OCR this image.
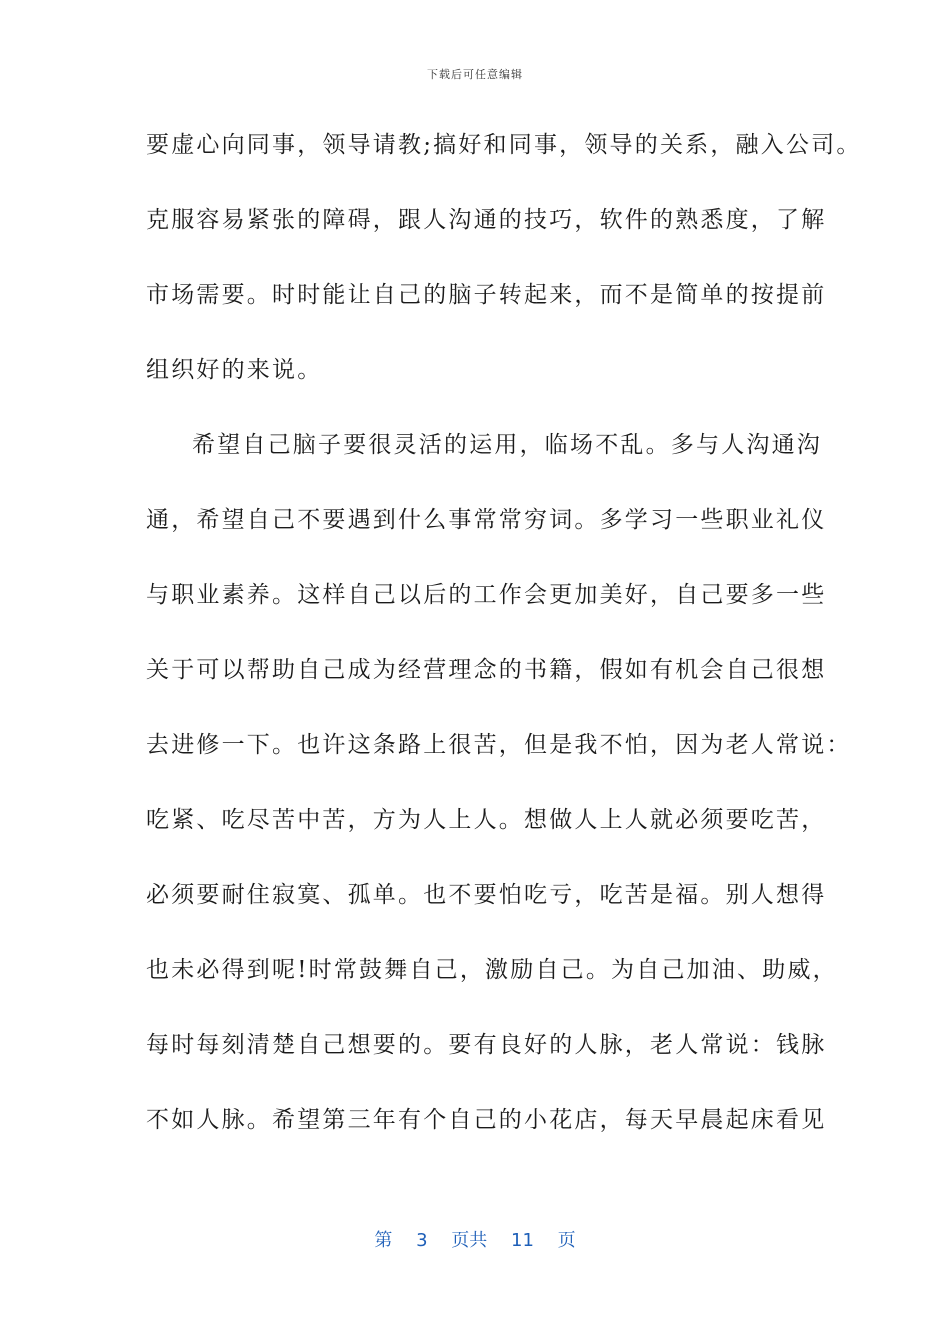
下载后可任意编辑
要虚心向同事，领导请教;搞好和同事，领导的关系，融入公司。
克服容易紧张的障碍，跟人沟通的技巧，软件的熟悉度，了解
市场需要。时时能让自己的脑子转起来，而不是简单的按提前
组织好的来说。
希望自己脑子要很灵活的运用，临场不乱。多与人沟通沟
通，希望自己不要遇到什么事常常穷词。多学习一些职业礼仪
与职业素养。这样自己以后的工作会更加美好，自己要多一些
关于可以帮助自己成为经营理念的书籍，假如有机会自己很想
去进修一下。也许这条路上很苦，但是我不怕，因为老人常说：
吃紧、吃尽苦中苦，方为人上人。想做人上人就必须要吃苦，
必须要耐住寂寞、孤单。也不要怕吃亏，吃苦是福。别人想得
也未必得到呢!时常鼓舞自己，激励自己。为自己加油、助威，
每时每刻清楚自己想要的。要有良好的人脉，老人常说：钱脉
不如人脉。希望第三年有个自己的小花店，每天早晨起床看见
第 3 页共 11 页
